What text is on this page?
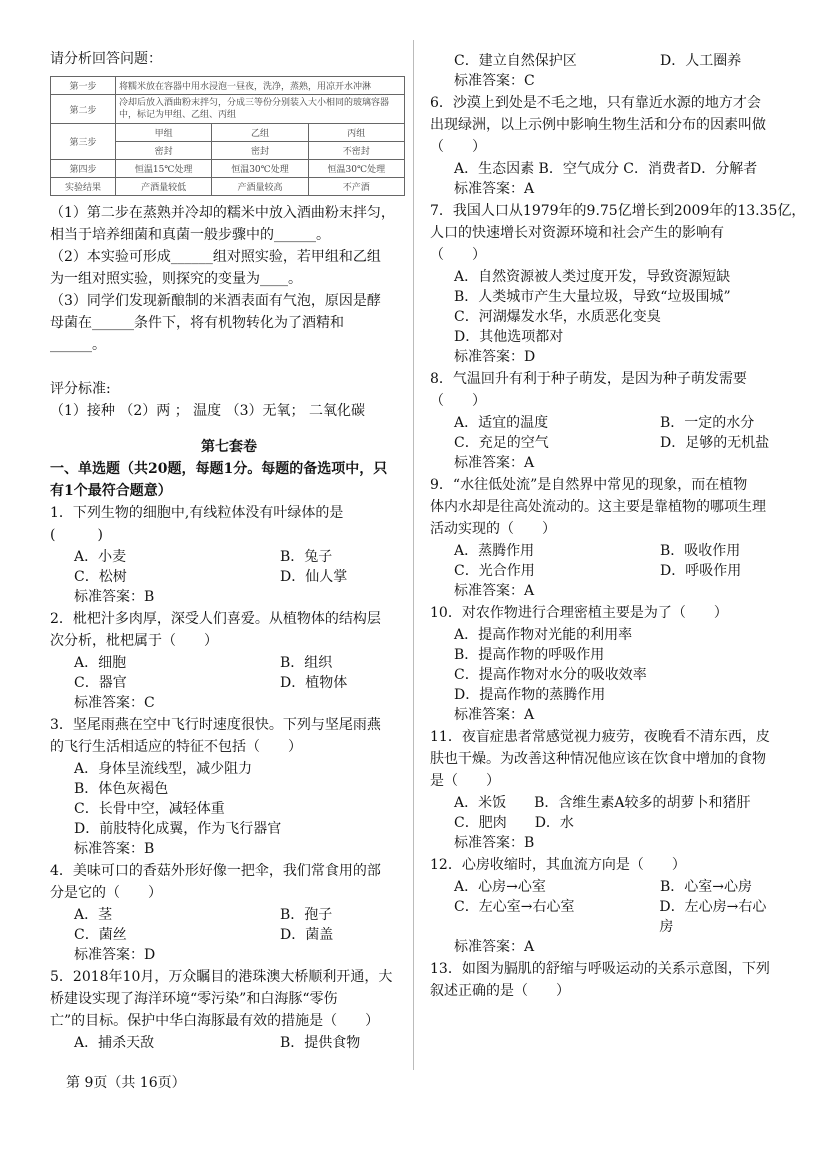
请分析回答问题：
第一步	将糯米放在容器中用水浸泡一昼夜，洗净，蒸熟，用凉开水冲淋		
第二步	冷却后放入酒曲粉末拌匀，分成三等份分别装入大小相同的玻璃容器中，标记为甲组、乙组、丙组		
第三步	甲组	乙组	丙组
	密封	密封	不密封
第四步	恒温15℃处理	恒温30℃处理	恒温30℃处理
实验结果	产酒量较低	产酒量较高	不产酒
（1）第二步在蒸熟并冷却的糯米中放入酒曲粉末拌匀，
相当于培养细菌和真菌一般步骤中的______。
（2）本实验可形成______组对照实验，若甲组和乙组
为一组对照实验，则探究的变量为____。
（3）同学们发现新酿制的米酒表面有气泡，原因是酵
母菌在______条件下，将有机物转化为了酒精和
______。
评分标准:
（1）接种 （2）两 ； 温度 （3）无氧； 二氧化碳
第七套卷
一、单选题（共20题，每题1分。每题的备选项中，只
有1个最符合题意）
1．下列生物的细胞中,有线粒体没有叶绿体的是
(　　　)
A．小麦	B．兔子
C．松树	D．仙人掌
标准答案：B
2．枇杷汁多肉厚，深受人们喜爱。从植物体的结构层
次分析，枇杷属于（　　）
A．细胞	B．组织
C．器官	D．植物体
标准答案：C
3．坚尾雨燕在空中飞行时速度很快。下列与坚尾雨燕
的飞行生活相适应的特征不包括（　　）
A．身体呈流线型，减少阻力
B．体色灰褐色
C．长骨中空，减轻体重
D．前肢特化成翼，作为飞行器官
标准答案：B
4．美味可口的香菇外形好像一把伞，我们常食用的部
分是它的（　　）
A．茎	B．孢子
C．菌丝	D．菌盖
标准答案：D
5．2018年10月，万众瞩目的港珠澳大桥顺利开通，大
桥建设实现了海洋环境“零污染”和白海豚“零伤
亡”的目标。保护中华白海豚最有效的措施是（　　）
A．捕杀天敌	B．提供食物
C．建立自然保护区	D．人工圈养
标准答案：C
6．沙漠上到处是不毛之地，只有靠近水源的地方才会
出现绿洲，以上示例中影响生物生活和分布的因素叫做
（　　）
A．生态因素 B．空气成分 C．消费者D．分解者
标准答案：A
7．我国人口从1979年的9.75亿增长到2009年的13.35亿，
人口的快速增长对资源环境和社会产生的影响有
（　　）
A．自然资源被人类过度开发，导致资源短缺
B．人类城市产生大量垃圾，导致“垃圾围城”
C．河湖爆发水华，水质恶化变臭
D．其他选项都对
标准答案：D
8．气温回升有利于种子萌发，是因为种子萌发需要
（　　）
A．适宜的温度	B．一定的水分
C．充足的空气	D．足够的无机盐
标准答案：A
9．“水往低处流”是自然界中常见的现象，而在植物
体内水却是往高处流动的。这主要是靠植物的哪项生理
活动实现的（　　）
A．蒸腾作用	B．吸收作用
C．光合作用	D．呼吸作用
标准答案：A
10．对农作物进行合理密植主要是为了（　　）
A．提高作物对光能的利用率
B．提高作物的呼吸作用
C．提高作物对水分的吸收效率
D．提高作物的蒸腾作用
标准答案：A
11．夜盲症患者常感觉视力疲劳，夜晚看不清东西，皮
肤也干燥。为改善这种情况他应该在饮食中增加的食物
是（　　）
A．米饭　　B．含维生素A较多的胡萝卜和猪肝
C．肥肉　　D．水
标准答案：B
12．心房收缩时，其血流方向是（　　）
A．心房→心室	B．心室→心房
C．左心室→右心室	D．左心房→右心房
标准答案：A
13．如图为膈肌的舒缩与呼吸运动的关系示意图，下列
叙述正确的是（　　）
第 9页（共 16页）
